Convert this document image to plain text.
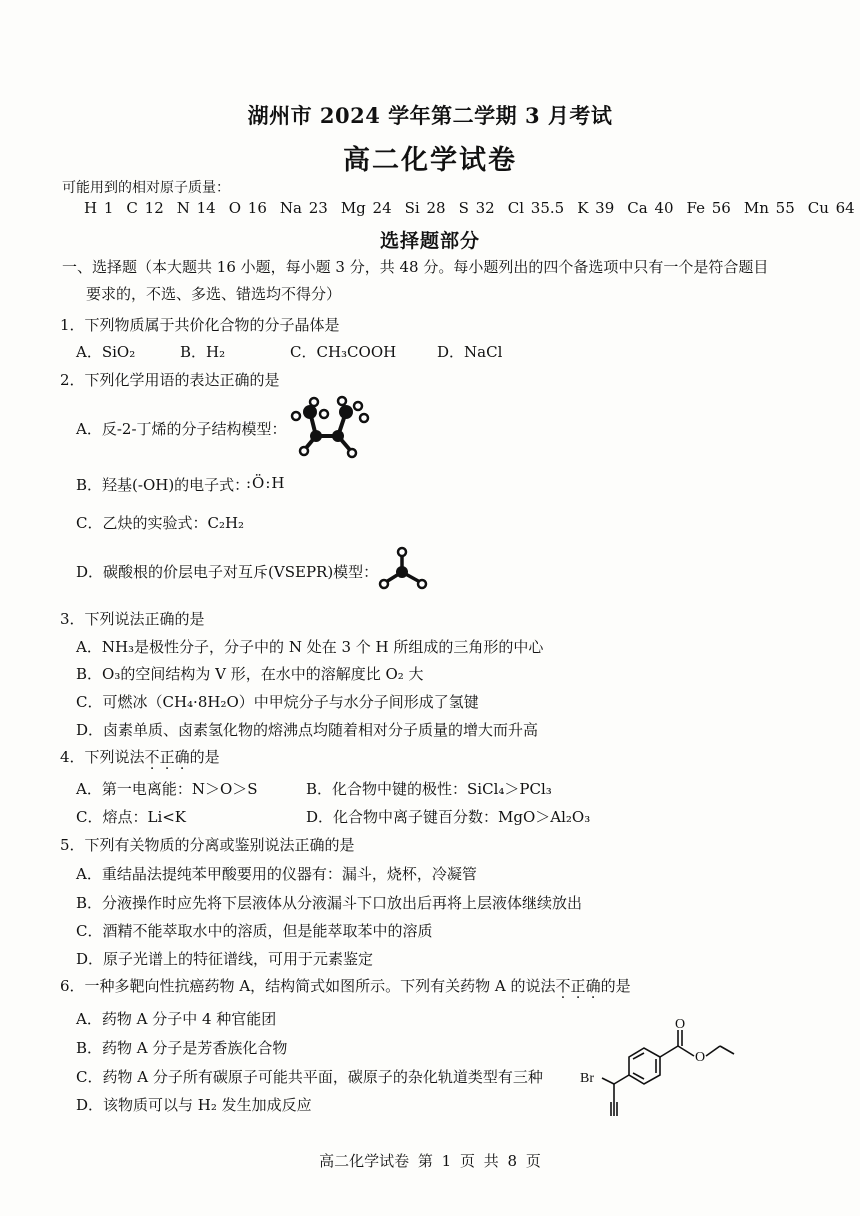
湖州市 2024 学年第二学期 3 月考试
高二化学试卷
可能用到的相对原子质量：
H 1 C 12 N 14 O 16 Na 23 Mg 24 Si 28 S 32 Cl 35.5 K 39 Ca 40 Fe 56 Mn 55 Cu 64
选择题部分
一、选择题（本大题共 16 小题，每小题 3 分，共 48 分。每小题列出的四个备选项中只有一个是符合题目
要求的，不选、多选、错选均不得分）
1．下列物质属于共价化合物的分子晶体是
A．SiO₂	B．H₂	C．CH₃COOH	D．NaCl
2．下列化学用语的表达正确的是
A．反-2-丁烯的分子结构模型：
B．羟基(-OH)的电子式：
:Ö:H
C．乙炔的实验式：C₂H₂
D．碳酸根的价层电子对互斥(VSEPR)模型：
3．下列说法正确的是
A．NH₃是极性分子，分子中的 N 处在 3 个 H 所组成的三角形的中心
B．O₃的空间结构为 V 形，在水中的溶解度比 O₂ 大
C．可燃冰（CH₄·8H₂O）中甲烷分子与水分子间形成了氢键
D．卤素单质、卤素氢化物的熔沸点均随着相对分子质量的增大而升高
4．下列说法不正确的是
A．第一电离能：N＞O＞S	B．化合物中键的极性：SiCl₄＞PCl₃
C．熔点：Li<K	D．化合物中离子键百分数：MgO＞Al₂O₃
5．下列有关物质的分离或鉴别说法正确的是
A．重结晶法提纯苯甲酸要用的仪器有：漏斗，烧杯，冷凝管
B．分液操作时应先将下层液体从分液漏斗下口放出后再将上层液体继续放出
C．酒精不能萃取水中的溶质，但是能萃取苯中的溶质
D．原子光谱上的特征谱线，可用于元素鉴定
6．一种多靶向性抗癌药物 A，结构简式如图所示。下列有关药物 A 的说法不正确的是
A．药物 A 分子中 4 种官能团
B．药物 A 分子是芳香族化合物
C．药物 A 分子所有碳原子可能共平面，碳原子的杂化轨道类型有三种
D．该物质可以与 H₂ 发生加成反应
O
O
Br
高二化学试卷 第 1 页 共 8 页
